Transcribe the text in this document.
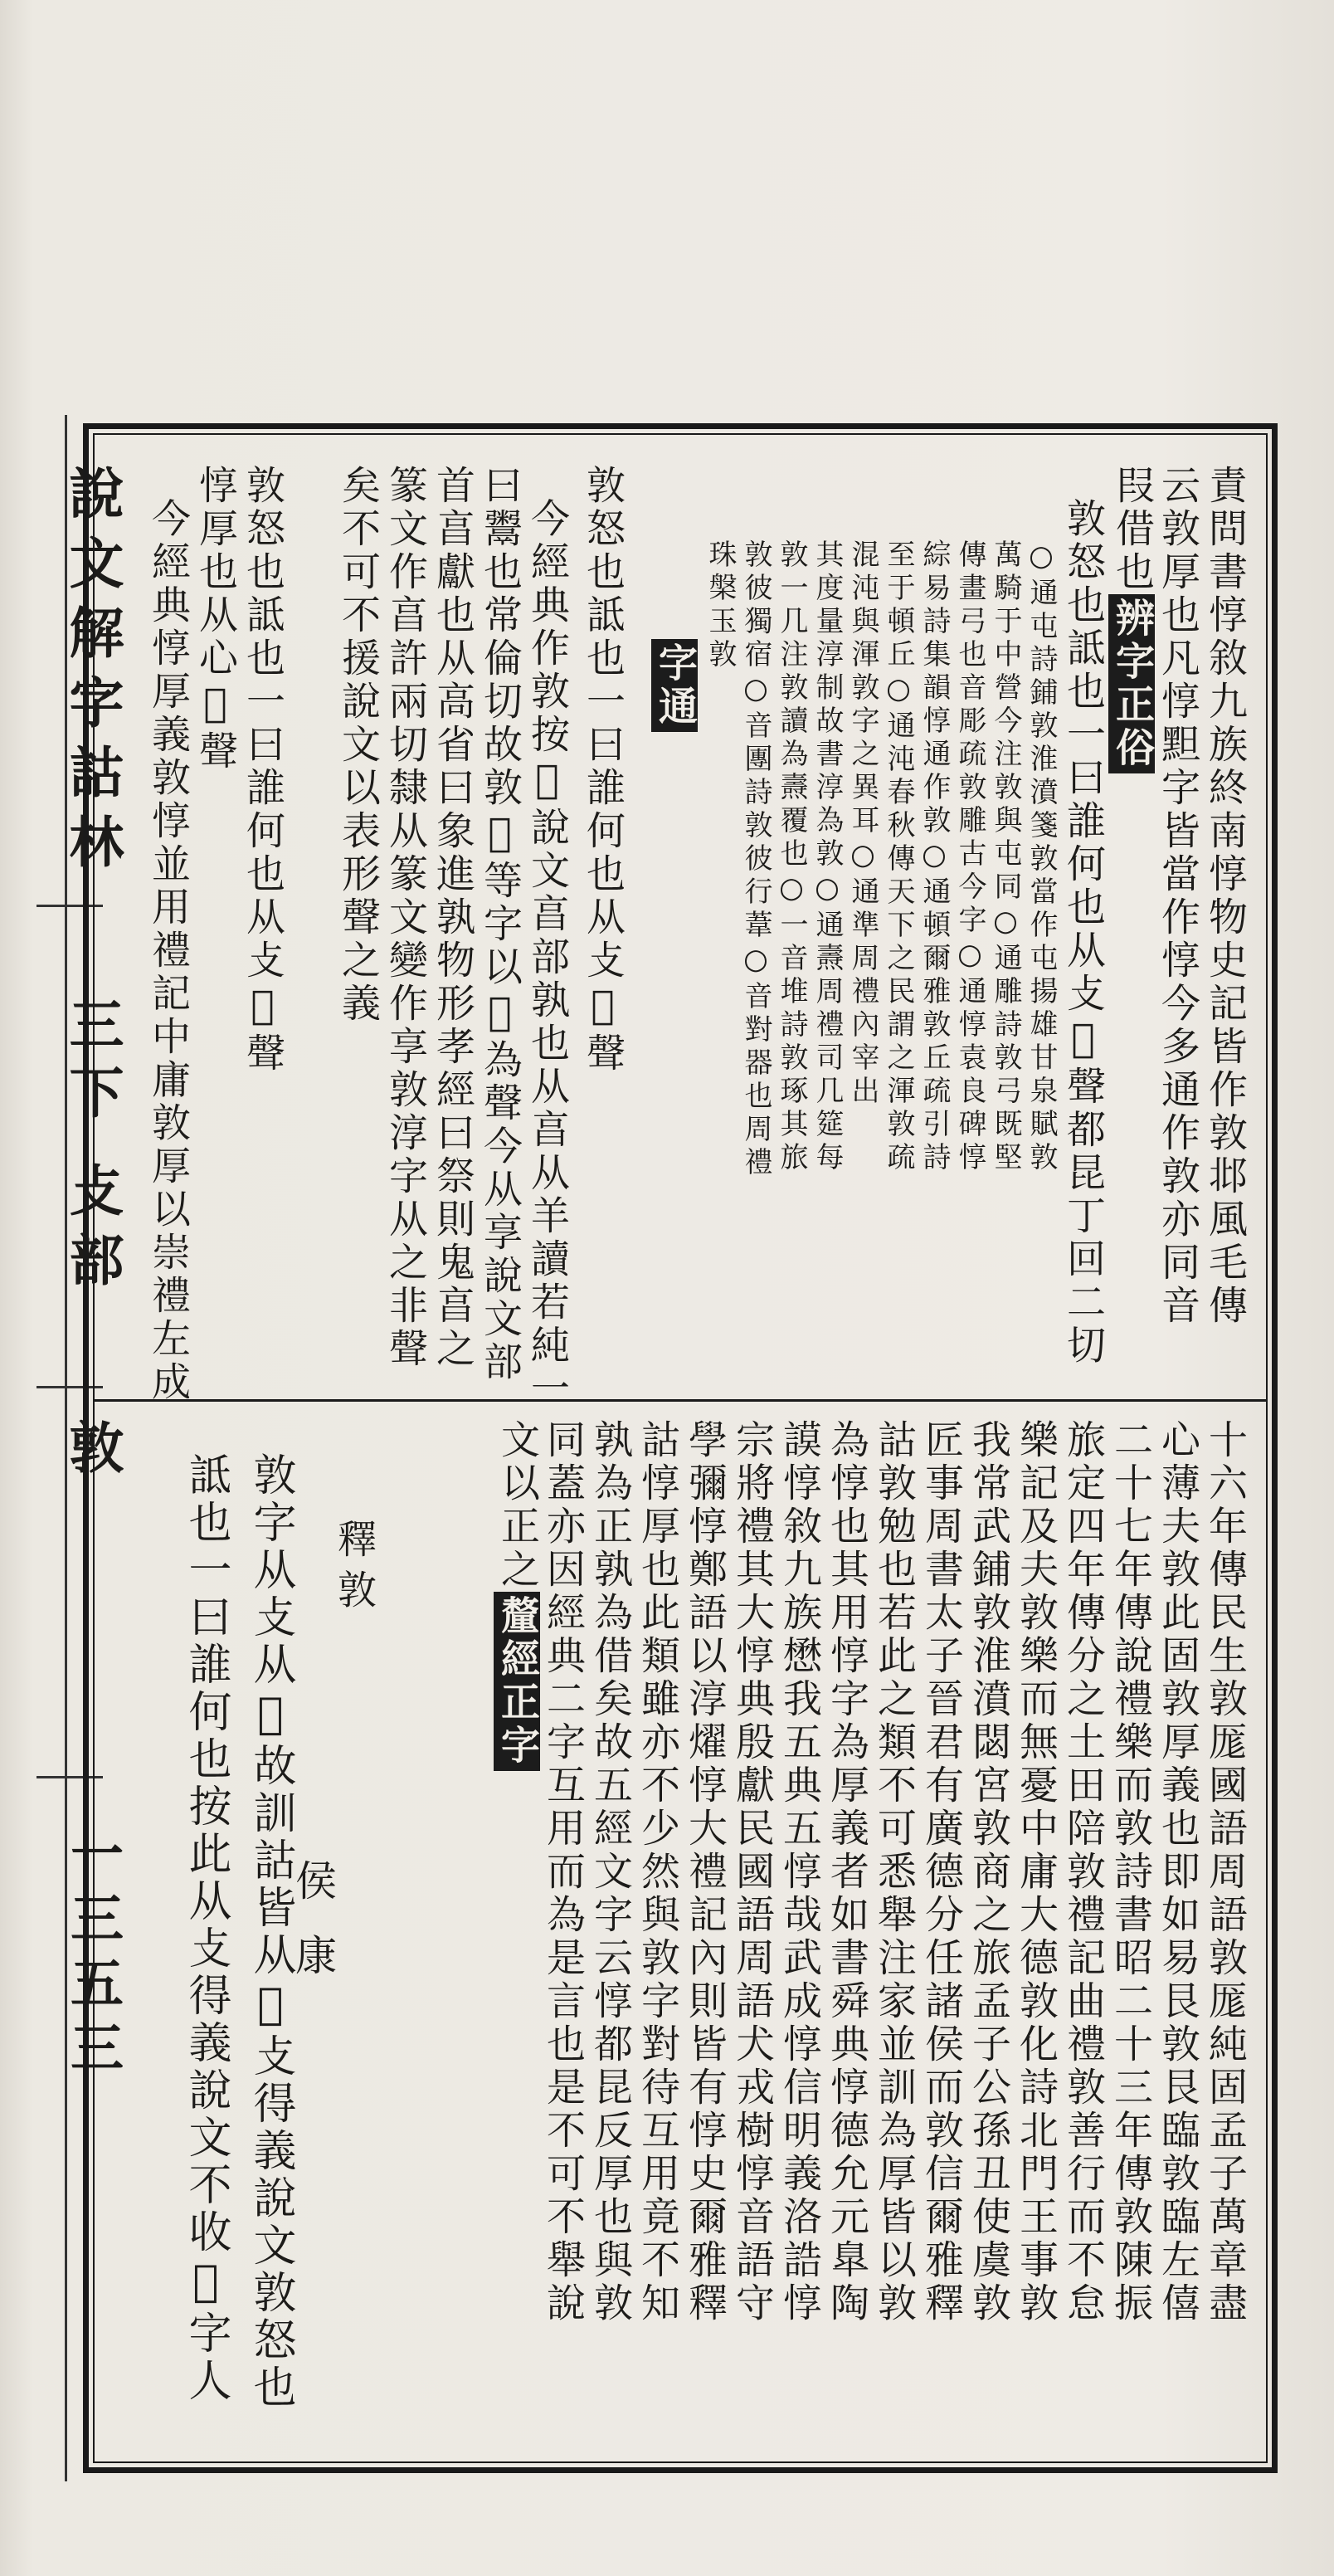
說文解字詁林
三下
攴部
敦
一三五三
責問書惇敘九族終南惇物史記皆作敦邶風毛傳
云敦厚也凡惇䵣字皆當作惇今多通作敦亦同音
叚借也辨字正俗
敦怒也詆也一曰誰何也从攴𦎫聲都昆丁回二切
○通屯詩鋪敦淮濆箋敦當作屯揚雄甘泉賦敦
萬騎于中營今注敦與屯同○通雕詩敦弓既堅
傳畫弓也音彫疏敦雕古今字○通惇袁良碑惇
綜易詩集韻惇通作敦○通頓爾雅敦丘疏引詩
至于頓丘○通沌春秋傳天下之民謂之渾敦疏
混沌與渾敦字之異耳○通準周禮內宰出
其度量淳制故書淳為敦○通燾周禮司几筵每
敦一几注敦讀為燾覆也○一音堆詩敦琢其旅
敦彼獨宿○音團詩敦彼行葦○音對器也周禮
珠槃玉敦
字通
敦怒也詆也一曰誰何也从攴𦎫聲
今經典作敦按𦎫說文亯部孰也从亯从羊讀若純一
曰鬻也常倫切故敦𦎫等字以𦎫為聲今从享說文部
首亯獻也从高省曰象進孰物形孝經曰祭則鬼亯之
篆文作亯許兩切隸从篆文變作享敦淳字从之非聲
矣不可不援說文以表形聲之義
敦怒也詆也一曰誰何也从攴𦎫聲
惇厚也从心𦎫聲
今經典惇厚義敦惇並用禮記中庸敦厚以崇禮左成
十六年傳民生敦厖國語周語敦厖純固孟子萬章盡
心薄夫敦此固敦厚義也即如易艮敦艮臨敦臨左僖
二十七年傳說禮樂而敦詩書昭二十三年傳敦陳振
旅定四年傳分之土田陪敦禮記曲禮敦善行而不怠
樂記及夫敦樂而無憂中庸大德敦化詩北門王事敦
我常武鋪敦淮濆閟宮敦商之旅孟子公孫丑使虞敦
匠事周書太子晉君有廣德分任諸侯而敦信爾雅釋
詁敦勉也若此之類不可悉舉注家並訓為厚皆以敦
為惇也其用惇字為厚義者如書舜典惇德允元臯陶
謨惇敘九族懋我五典五惇哉武成惇信明義洛誥惇
宗將禮其大惇典殷獻民國語周語犬戎樹惇音語守
學彌惇鄭語以淳燿惇大禮記內則皆有惇史爾雅釋
詁惇厚也此類雖亦不少然與敦字對待互用竟不知
孰為正孰為借矣故五經文字云惇都昆反厚也與敦
同蓋亦因經典二字互用而為是言也是不可不舉說
文以正之釐經正字
釋敦
敦字从攴从𦎫故訓詁皆从𦎫攴得義說文敦怒也
詆也一曰誰何也按此从攴得義說文不收𢾾字人 侯康
